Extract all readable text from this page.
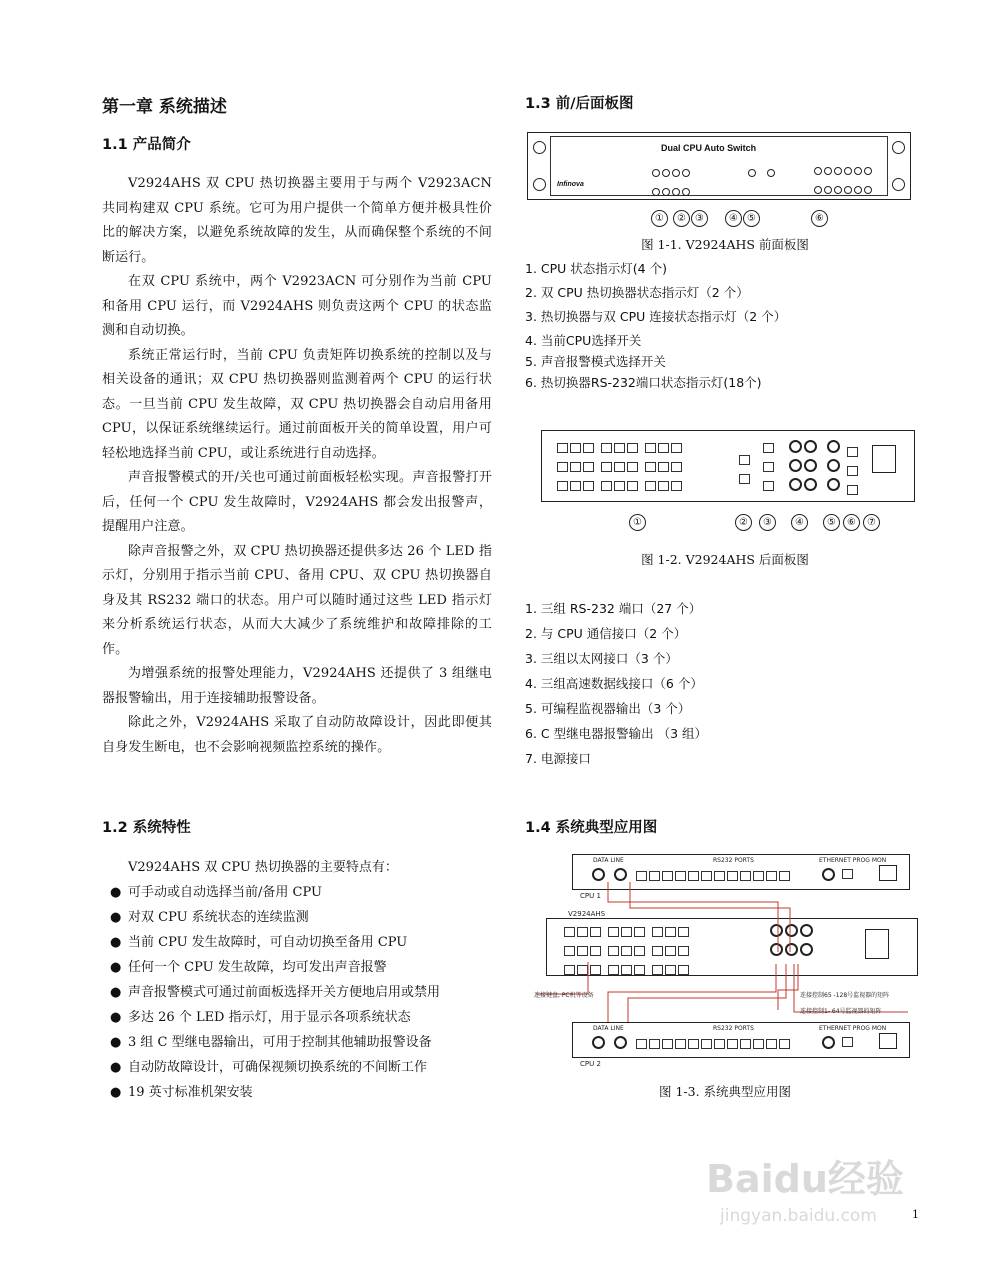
第一章 系统描述
1.1 产品简介

V2924AHS 双 CPU 热切换器主要用于与两个 V2923ACN 共同构建双 CPU 系统。它可为用户提供一个简单方便并极具性价比的解决方案，以避免系统故障的发生，从而确保整个系统的不间断运行。

在双 CPU 系统中，两个 V2923ACN 可分别作为当前 CPU 和备用 CPU 运行，而 V2924AHS 则负责这两个 CPU 的状态监测和自动切换。

系统正常运行时，当前 CPU 负责矩阵切换系统的控制以及与相关设备的通讯；双 CPU 热切换器则监测着两个 CPU 的运行状态。一旦当前 CPU 发生故障，双 CPU 热切换器会自动启用备用 CPU，以保证系统继续运行。通过前面板开关的简单设置，用户可轻松地选择当前 CPU，或让系统进行自动选择。

声音报警模式的开/关也可通过前面板轻松实现。声音报警打开后，任何一个 CPU 发生故障时，V2924AHS 都会发出报警声，提醒用户注意。

除声音报警之外，双 CPU 热切换器还提供多达 26 个 LED 指示灯，分别用于指示当前 CPU、备用 CPU、双 CPU 热切换器自身及其 RS232 端口的状态。用户可以随时通过这些 LED 指示灯来分析系统运行状态，从而大大减少了系统维护和故障排除的工作。

为增强系统的报警处理能力，V2924AHS 还提供了 3 组继电器报警输出，用于连接辅助报警设备。

除此之外，V2924AHS 采取了自动防故障设计，因此即便其自身发生断电，也不会影响视频监控系统的操作。

1.2 系统特性

V2924AHS 双 CPU 热切换器的主要特点有：

● 可手动或自动选择当前/备用 CPU
● 对双 CPU 系统状态的连续监测
● 当前 CPU 发生故障时，可自动切换至备用 CPU
● 任何一个 CPU 发生故障，均可发出声音报警
● 声音报警模式可通过前面板选择开关方便地启用或禁用
● 多达 26 个 LED 指示灯，用于显示各项系统状态
● 3 组 C 型继电器输出，可用于控制其他辅助报警设备
● 自动防故障设计，可确保视频切换系统的不间断工作
● 19 英寸标准机架安装
1.3 前/后面板图
Dual CPU Auto Switch
Infinova

①	② ③	④ ⑤	⑥

图 1-1. V2924AHS 前面板图

1. CPU 状态指示灯(4 个)
2. 双 CPU 热切换器状态指示灯（2 个）
3. 热切换器与双 CPU 连接状态指示灯（2 个）
4. 当前CPU选择开关
5. 声音报警模式选择开关
6. 热切换器RS-232端口状态指示灯(18个)

①	②	③	④	⑤	⑥	⑦

图 1-2. V2924AHS 后面板图

1. 三组 RS-232 端口（27 个）
2. 与 CPU 通信接口（2 个）
3. 三组以太网接口（3 个）
4. 三组高速数据线接口（6 个）
5. 可编程监视器输出（3 个）
6. C 型继电器报警输出 （3 组）
7. 电源接口
1.4 系统典型应用图
DATA LINE	RS232 PORTS	ETHERNET PROG MON
CPU 1
V2924AHS

连接键盘, PC机等设备	连接控制65 -128号监视器的矩阵
连接控制1- 64号监视器的矩阵
DATA LINE	RS232 PORTS	ETHERNET PROG MON
CPU 2

图 1-3. 系统典型应用图

Baidu经验
jingyan.baidu.com	1
